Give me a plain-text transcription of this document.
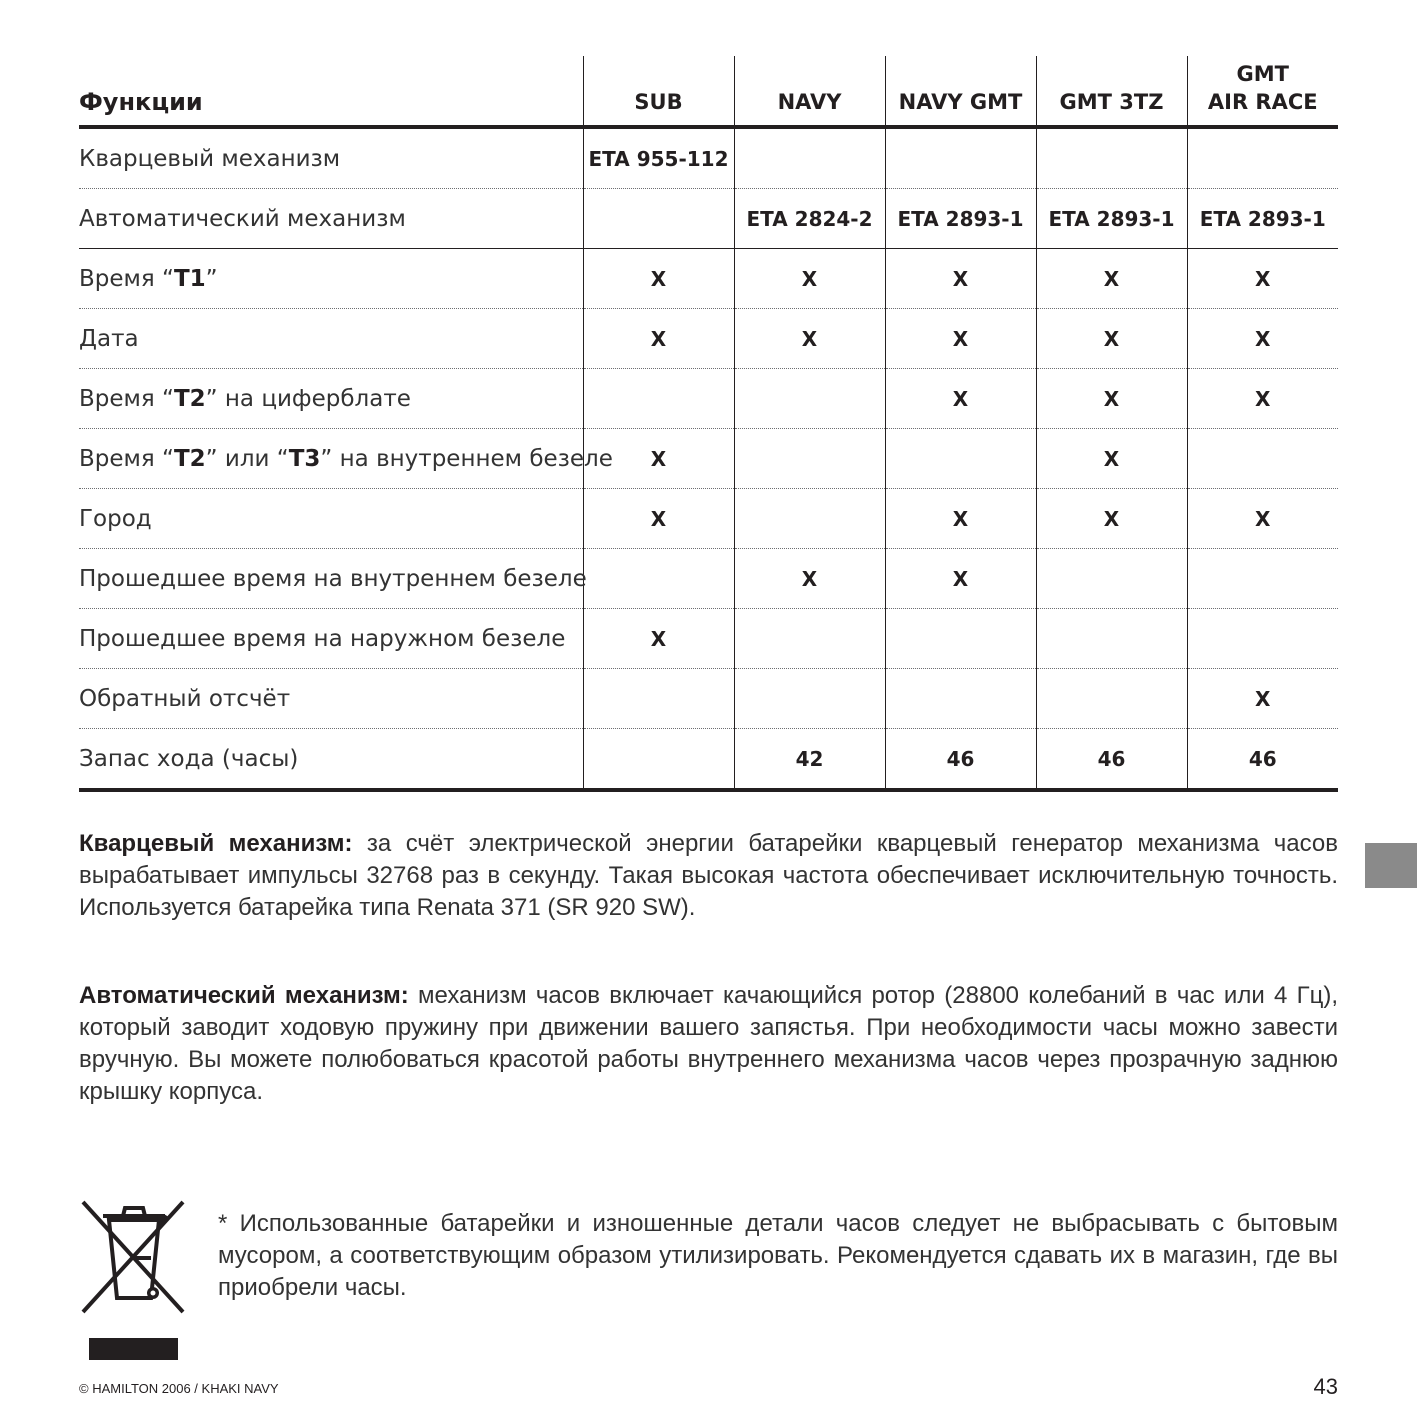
Функции	SUB	NAVY	NAVY GMT	GMT 3TZ	GMT
AIR RACE
Кварцевый механизм	ETA 955-112				
Автоматический механизм		ETA 2824-2	ETA 2893-1	ETA 2893-1	ETA 2893-1
Время “T1”	X	X	X	X	X
Дата	X	X	X	X	X
Время “T2” на циферблате			X	X	X
Время “T2” или “T3” на внутреннем безеле	X			X	
Город	X		X	X	X
Прошедшее время на внутреннем безеле		X	X		
Прошедшее время на наружном безеле	X				
Обратный отсчёт					X
Запас хода (часы)		42	46	46	46
Кварцевый механизм: за счёт электрической энергии батарейки кварцевый генератор механизма часов вырабатывает импульсы 32768 раз в секунду. Такая высокая частота обеспечивает исключительную точность. Используется батарейка типа Renata 371 (SR 920 SW).
Автоматический механизм: механизм часов включает качающийся ротор (28800 колебаний в час или 4 Гц), который заводит ходовую пружину при движении вашего запястья. При необходимости часы можно завести вручную. Вы можете полюбоваться красотой работы внутреннего механизма часов через прозрачную заднюю крышку корпуса.
* Использованные батарейки и изношенные детали часов следует не выбрасывать с бытовым мусором, а соответствующим образом утилизировать. Рекомендуется сдавать их в магазин, где вы приобрели часы.
© HAMILTON 2006 / KHAKI NAVY	43
